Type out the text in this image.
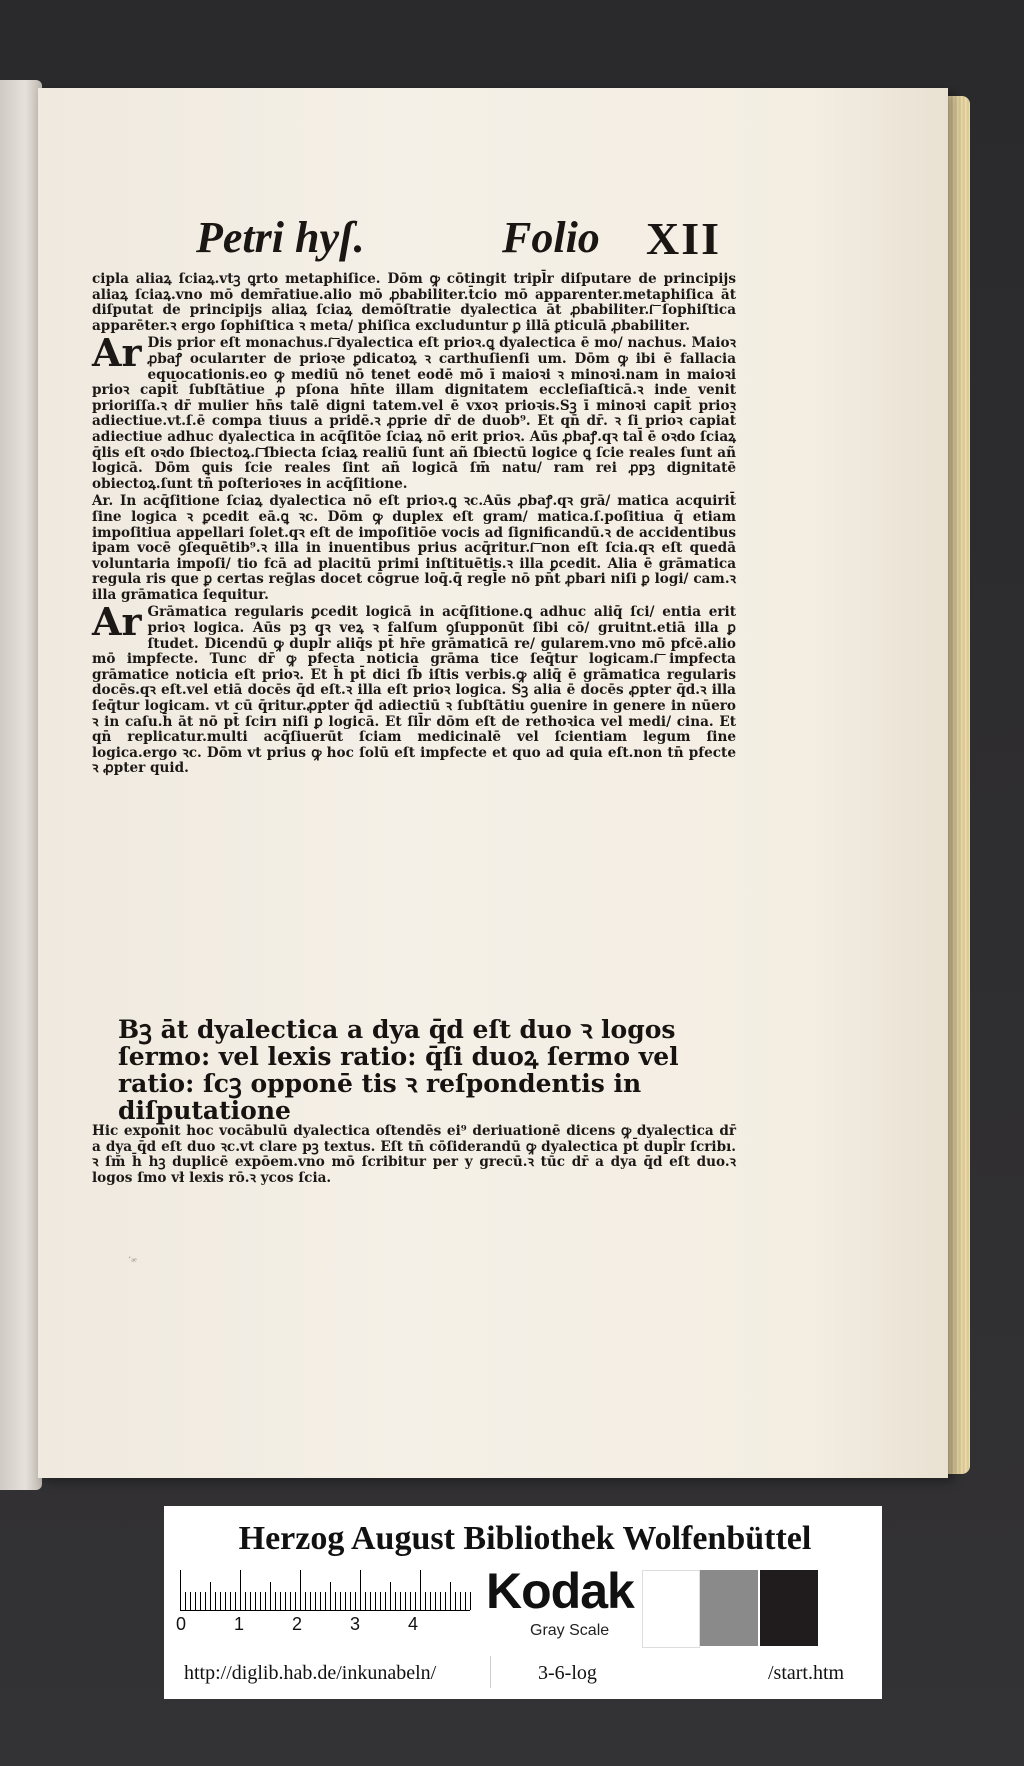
Petri hyſ.	Folio XII

cipla aliaꝝ ſciaꝝ.vtꝫ ꝗrto metaphiſice. Dōm ꝙ cōtingit tripl̄r diſputare de principijs aliaꝝ ſciaꝝ.vno mō demr̄atiue.alio mō ꝓbabiliter.t̄cio mō apparenter.metaphiſica āt diſputat de principijs aliaꝝ ſciaꝝ demōſtratie dyalectica āt ꝓbabiliter.ſ͞ ſophiſtica apparēter.ꝛ ergo ſophiſtica ꝛ meta/ phiſica excluduntur ꝑ illā ꝑticulā ꝓbabiliter.

Ar Dis prior eſt monachus.ſ͞ dyalectica eſt prioꝛ.ꝗ dyalectica ē mo/ nachus. Maioꝛ ꝓbaꝭ ocularıter de prioꝛe ꝑdicatoꝝ ꝛ carthuſienſi um. Dōm ꝙ ibi ē fallacia equocationis.eo ꝙ mediū nō tenet eodē mō ī maioꝛi ꝛ minoꝛi.nam in maioꝛi prioꝛ capit̄ ſubſtātiue ꝓ pſona hn̄te illam dignitatem eccleſiaſticā.ꝛ inde venit prioriſſa.ꝛ dr̄ mulier hn̄s talē digni tatem.vel ē vxoꝛ prioꝛis.Sꝫ ī minoꝛi capit̄ prioꝛ adiectiue.vt.ſ.ē compa tiuus a pridē.ꝛ ꝓprie dr̄ de duob⁹. Et qn̄ dr̄. ꝛ ſi prioꝛ capiat̄ adiectiue adhuc dyalectica in acq̄ſitōe ſciaꝝ nō erit prioꝛ. Aūs ꝓbaꝭ.qꝛ tal̄ ē oꝛdo ſciaꝝ q̄lis eſt oꝛdo ſbiectoꝝ.ſ͞ ſbiecta ſciaꝝ realiū ſunt añ ſbiectū logice ꝗ ſcie reales ſunt añ logicā. Dōm ꝗuis ſcie reales ſint añ logicā ſm̄ natu/ ram rei ꝓpꝫ dignitatē obiectoꝝ.ſunt tn̄ poſterioꝛes in acq̄ſitione.

Ar. In acq̄ſitione ſciaꝝ dyalectica nō eſt prioꝛ.ꝗ ꝛc.Aūs ꝓbaꝭ.qꝛ grā/ matica acquirit̄ ſine logica ꝛ ꝑcedit eā.ꝗ ꝛc. Dōm ꝙ duplex eſt gram/ matica.ſ.poſitiua q̄ etiam impoſitiua appellari ſolet.qꝛ eſt de impoſitiōe vocis ad ſignificandū.ꝛ de accidentibus ipam vocē ꝯſequētib⁹.ꝛ illa in inuentibus prius acq̄ritur.ſ͞ non eſt ſcia.qꝛ eſt quedā voluntaria impoſi/ tio fcā ad placitū primi inſtituētis.ꝛ illa ꝑcedit. Alia ē grāmatica regula ris que ꝑ certas reḡlas docet cōgrue loq̄.q̄ regl̄e nō pn̄t ꝓbari niſi ꝑ logi/ cam.ꝛ illa grāmatica ſequitur.

Ar Grāmatica regularis ꝑcedit logicā in acq̄ſitione.ꝗ adhuc aliq̄ ſci/ entia erit prioꝛ logica. Aūs pꝫ qꝛ veꝝ ꝛ falſum ꝯſupponūt ſibi cō/ gruitnt.etiā illa ꝑ ſtudet. Dicendū ꝙ dupl̄r aliq̄s pt̄ hr̄e grāmaticā re/ gularem.vno mō pfcē.alio mō impfecte. Tunc dr̄ ꝙ pfecta noticia grāma tice ſeq̄tur logicam.ſ͞ impfecta grāmatice noticia eſt prioꝛ. Et h̄ pt̄ dici ſb̄ iſtis verbis.ꝙ aliq̄ ē grāmatica regularis docēs.qꝛ eſt.vel etiā docēs q̄d eſt.ꝛ illa eſt prioꝛ logica. Sꝫ alia ē docēs ꝓpter q̄d.ꝛ illa ſeq̄tur logicam. vt cū q̄ritur.ꝓpter q̄d adiectiū ꝛ ſubſtātiu ꝯuenire in genere in nūero ꝛ in caſu.h̄ āt nō pt̄ ſcirı niſi ꝑ logicā. Et ſil̄r dōm eſt de rethoꝛica vel medi/ cina. Et qn̄ replicatur.multi acq̄ſiuerūt ſciam medicinalē vel ſcientiam legum ſine logica.ergo ꝛc. Dōm vt prius ꝙ hoc ſolū eſt impfecte et quo ad quia eſt.non tn̄ pfecte ꝛ ꝓpter quid.

Bꝫ āt dyalectica a dya q̄d eſt duo ꝛ logos ſermo: vel lexis ratio: q̄ſi duoꝝ ſermo vel ratio: ſcꝫ opponē tis ꝛ reſpondentis in diſputatione
Hic exponit hoc vocābulū dyalectica oſtendēs ei⁹ deriuationē dicens ꝙ dyalectica dr̄ a dya q̄d eſt duo ꝛc.vt clare pꝫ textus. Eſt tn̄ cōſiderandū ꝙ dyalectica pt̄ dupl̄r ſcribı. ꝛ ſm̄ h̄ hꝫ duplicē expōem.vno mō ſcribitur per y grecū.ꝛ tūc dr̄ a dya q̄d eſt duo.ꝛ logos ſmo vł lexis rō.ꝛ ycos ſcia.
᾿ᵃᵉ
Herzog August Bibliothek Wolfenbüttel
0	1	2	3	4
Kodak
Gray Scale
http://diglib.hab.de/inkunabeln/	3-6-log	/start.htm
